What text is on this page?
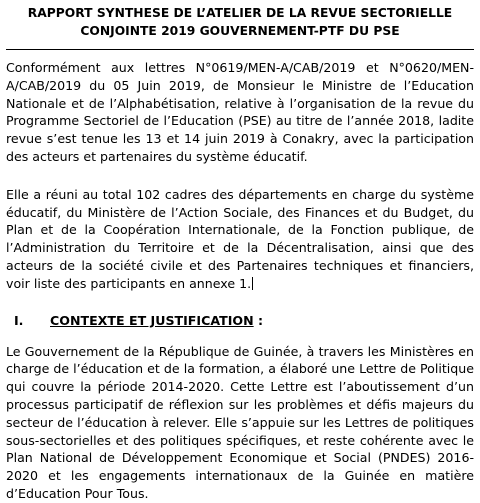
RAPPORT SYNTHESE DE L’ATELIER DE LA REVUE SECTORIELLE
CONJOINTE 2019 GOUVERNEMENT-PTF DU PSE

Conformément aux lettres N°0619/MEN-A/CAB/2019 et N°0620/MEN-A/CAB/2019 du 05 Juin 2019, de Monsieur le Ministre de l’Education Nationale et de l’Alphabétisation, relative à l’organisation de la revue du Programme Sectoriel de l’Education (PSE) au titre de l’année 2018, ladite revue s’est tenue les 13 et 14 juin 2019 à Conakry, avec la participation des acteurs et partenaires du système éducatif.

Elle a réuni au total 102 cadres des départements en charge du système éducatif, du Ministère de l’Action Sociale, des Finances et du Budget, du Plan et de la Coopération Internationale, de la Fonction publique, de l’Administration du Territoire et de la Décentralisation, ainsi que des acteurs de la société civile et des Partenaires techniques et financiers, voir liste des participants en annexe 1.

I. CONTEXTE ET JUSTIFICATION :

Le Gouvernement de la République de Guinée, à travers les Ministères en charge de l’éducation et de la formation, a élaboré une Lettre de Politique qui couvre la période 2014-2020. Cette Lettre est l’aboutissement d’un processus participatif de réflexion sur les problèmes et défis majeurs du secteur de l’éducation à relever. Elle s’appuie sur les Lettres de politiques sous-sectorielles et des politiques spécifiques, et reste cohérente avec le Plan National de Développement Economique et Social (PNDES) 2016-2020 et les engagements internationaux de la Guinée en matière d’Education Pour Tous.
